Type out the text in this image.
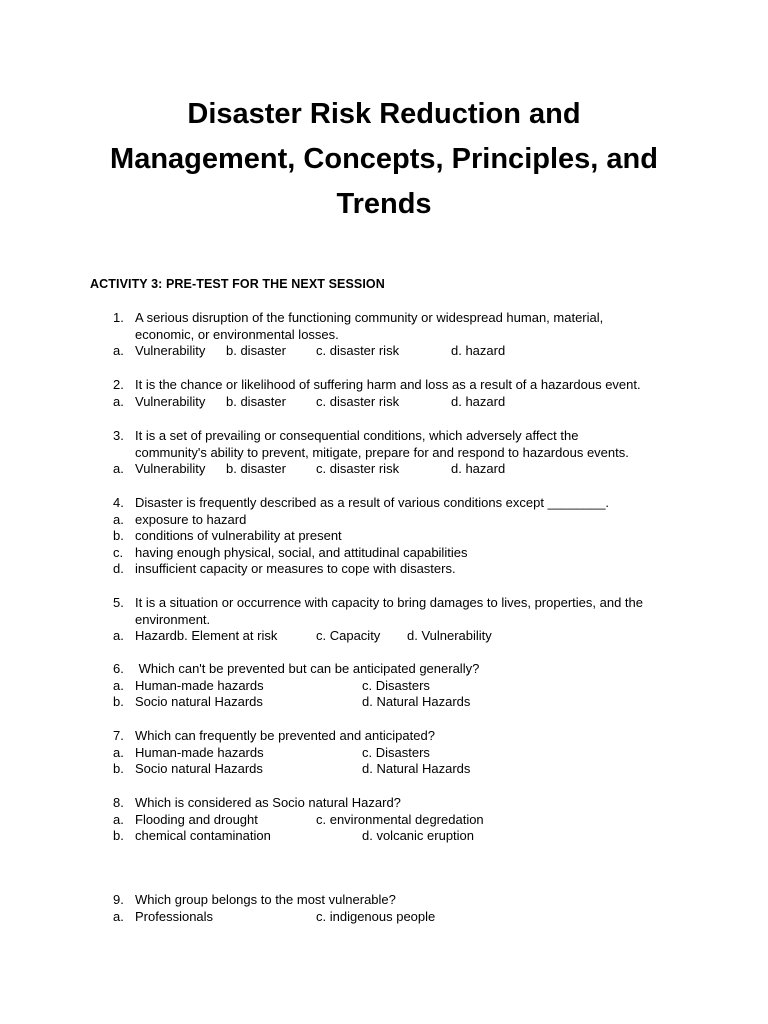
Disaster Risk Reduction and
Management, Concepts, Principles, and
Trends
ACTIVITY 3: PRE-TEST FOR THE NEXT SESSION
1. A serious disruption of the functioning community or widespread human, material,
economic, or environmental losses.
a. Vulnerability b. disaster c. disaster risk	d. hazard
2. It is the chance or likelihood of suffering harm and loss as a result of a hazardous event.
a. Vulnerability b. disaster c. disaster risk	d. hazard
3. It is a set of prevailing or consequential conditions, which adversely affect the
community's ability to prevent, mitigate, prepare for and respond to hazardous events.
a. Vulnerability b. disaster c. disaster risk	d. hazard
4. Disaster is frequently described as a result of various conditions except ________.
a. exposure to hazard
b. conditions of vulnerability at present
c. having enough physical, social, and attitudinal capabilities
d. insufficient capacity or measures to cope with disasters.
5. It is a situation or occurrence with capacity to bring damages to lives, properties, and the
environment.
a. Hazardb. Element at risk	c. Capacity d. Vulnerability
6. Which can't be prevented but can be anticipated generally?
a. Human-made hazards	c. Disasters
b. Socio natural Hazards	d. Natural Hazards
7. Which can frequently be prevented and anticipated?
a. Human-made hazards	c. Disasters
b. Socio natural Hazards	d. Natural Hazards
8. Which is considered as Socio natural Hazard?
a. Flooding and drought	c. environmental degredation
b. chemical contamination	d. volcanic eruption
9. Which group belongs to the most vulnerable?
a. Professionals	c. indigenous people
